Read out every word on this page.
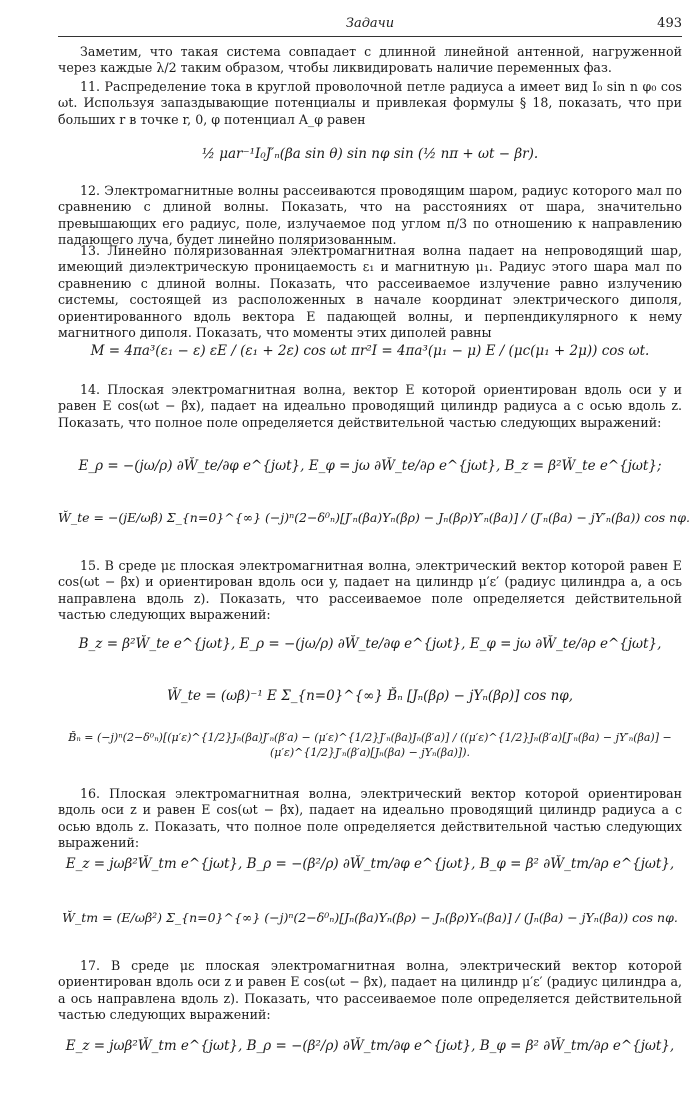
Задачи	493
Заметим, что такая система совпадает с длинной линейной антенной, нагруженной через каждые λ/2 таким образом, чтобы ликвидировать наличие переменных фаз.
11. Распределение тока в круглой проволочной петле радиуса a имеет вид I₀ sin n φ₀ cos ωt. Используя запаздывающие потенциалы и привлекая формулы § 18, показать, что при больших r в точке r, 0, φ потенциал A_φ равен
½ μar⁻¹I₀J′ₙ(βa sin θ) sin nφ sin (½ nπ + ωt − βr).
12. Электромагнитные волны рассеиваются проводящим шаром, радиус которого мал по сравнению с длиной волны. Показать, что на расстояниях от шара, значительно превышающих его радиус, поле, излучаемое под углом π/3 по отношению к направлению падающего луча, будет линейно поляризованным.
13. Линейно поляризованная электромагнитная волна падает на непроводящий шар, имеющий диэлектрическую проницаемость ε₁ и магнитную μ₁. Радиус этого шара мал по сравнению с длиной волны. Показать, что рассеиваемое излучение равно излучению системы, состоящей из расположенных в начале координат электрического диполя, ориентированного вдоль вектора E падающей волны, и перпендикулярного к нему магнитного диполя. Показать, что моменты этих диполей равны
M = 4πa³(ε₁ − ε) εE / (ε₁ + 2ε) cos ωt πr²I = 4πa³(μ₁ − μ) E / (μc(μ₁ + 2μ)) cos ωt.
14. Плоская электромагнитная волна, вектор E которой ориентирован вдоль оси y и равен E cos(ωt − βx), падает на идеально проводящий цилиндр радиуса a с осью вдоль z. Показать, что полное поле определяется действительной частью следующих выражений:
E_ρ = −(jω/ρ) ∂W̆_te/∂φ e^{jωt}, E_φ = jω ∂W̆_te/∂ρ e^{jωt}, B_z = β²W̆_te e^{jωt};
W̆_te = −(jE/ωβ) Σ_{n=0}^{∞} (−j)ⁿ(2−δ⁰ₙ)[J′ₙ(βa)Yₙ(βρ) − Jₙ(βρ)Y′ₙ(βa)] / (J′ₙ(βa) − jY′ₙ(βa)) cos nφ.
15. В среде με плоская электромагнитная волна, электрический вектор которой равен E cos(ωt − βx) и ориентирован вдоль оси y, падает на цилиндр μ′ε′ (радиус цилиндра a, а ось направлена вдоль z). Показать, что рассеиваемое поле определяется действительной частью следующих выражений:
B_z = β²W̆_te e^{jωt}, E_ρ = −(jω/ρ) ∂W̆_te/∂φ e^{jωt}, E_φ = jω ∂W̆_te/∂ρ e^{jωt},
W̆_te = (ωβ)⁻¹ E Σ_{n=0}^{∞} B̆ₙ [Jₙ(βρ) − jYₙ(βρ)] cos nφ,
B̆ₙ = (−j)ⁿ(2−δ⁰ₙ)[(μ′ε)^{1/2}Jₙ(βa)J′ₙ(β′a) − (μ′ε)^{1/2}J′ₙ(βa)Jₙ(β′a)] / ((μ′ε)^{1/2}Jₙ(β′a)[J′ₙ(βa) − jY′ₙ(βa)] − (μ′ε)^{1/2}J′ₙ(β′a)[Jₙ(βa) − jYₙ(βa)]).
16. Плоская электромагнитная волна, электрический вектор которой ориентирован вдоль оси z и равен E cos(ωt − βx), падает на идеально проводящий цилиндр радиуса a с осью вдоль z. Показать, что полное поле определяется действительной частью следующих выражений:
E_z = jωβ²W̆_tm e^{jωt}, B_ρ = −(β²/ρ) ∂W̆_tm/∂φ e^{jωt}, B_φ = β² ∂W̆_tm/∂ρ e^{jωt},
W̆_tm = (E/ωβ²) Σ_{n=0}^{∞} (−j)ⁿ(2−δ⁰ₙ)[Jₙ(βa)Yₙ(βρ) − Jₙ(βρ)Yₙ(βa)] / (Jₙ(βa) − jYₙ(βa)) cos nφ.
17. В среде με плоская электромагнитная волна, электрический вектор которой ориентирован вдоль оси z и равен E cos(ωt − βx), падает на цилиндр μ′ε′ (радиус цилиндра a, а ось направлена вдоль z). Показать, что рассеиваемое поле определяется действительной частью следующих выражений:
E_z = jωβ²W̆_tm e^{jωt}, B_ρ = −(β²/ρ) ∂W̆_tm/∂φ e^{jωt}, B_φ = β² ∂W̆_tm/∂ρ e^{jωt},
